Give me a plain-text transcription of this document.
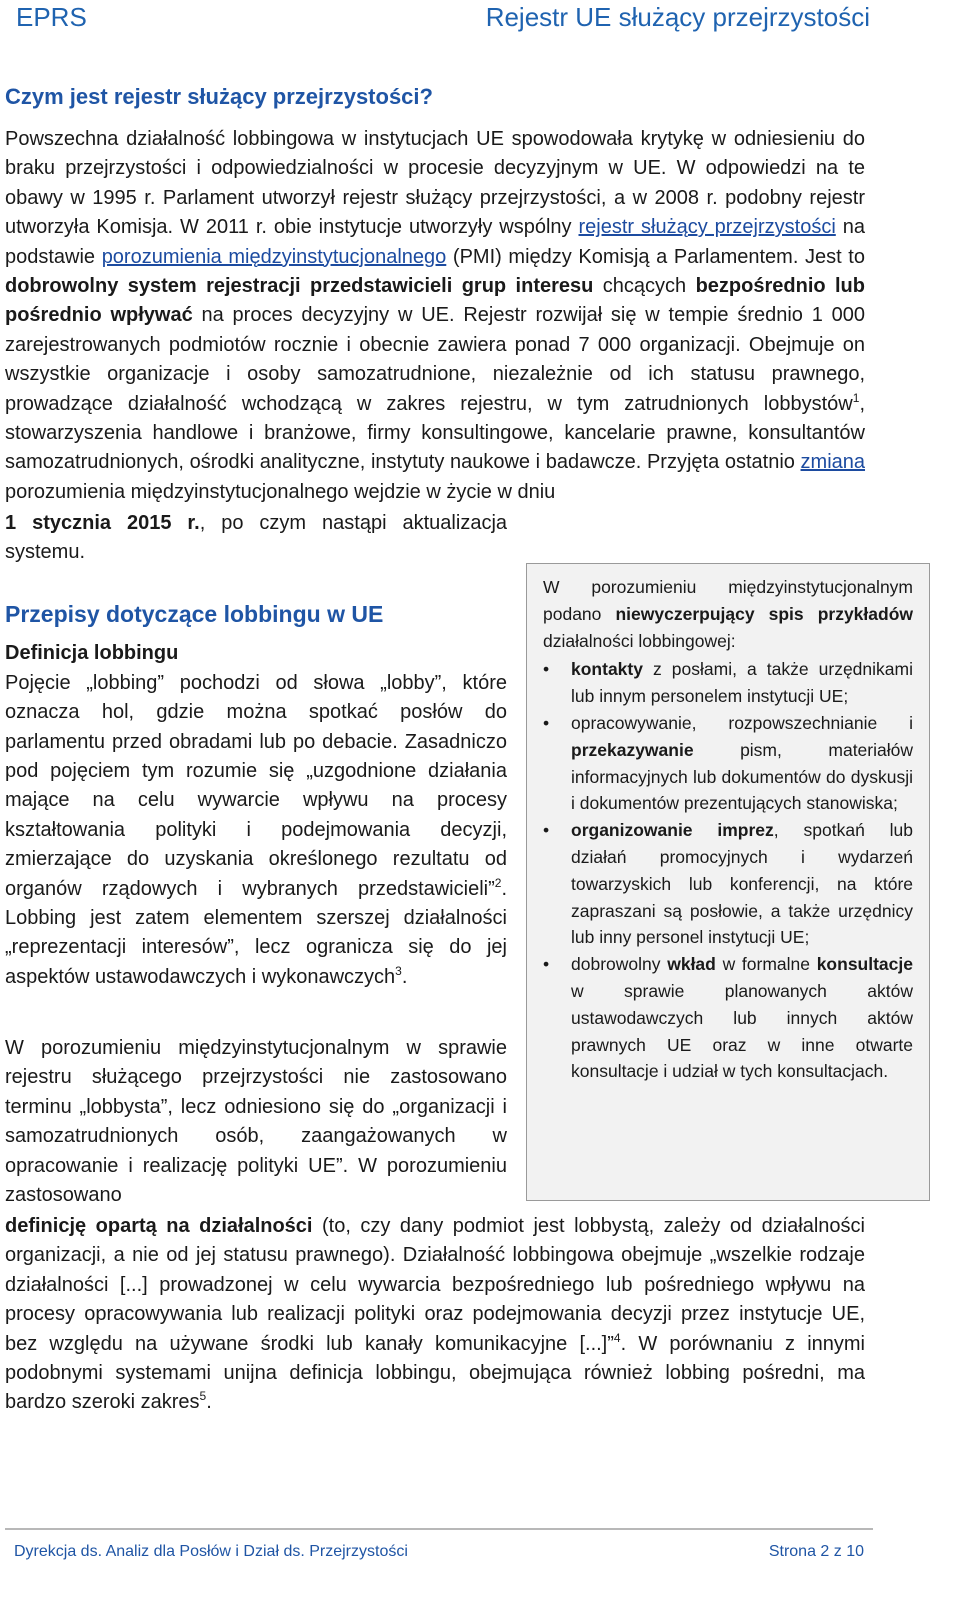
EPRS	Rejestr UE służący przejrzystości
Czym jest rejestr służący przejrzystości?
Powszechna działalność lobbingowa w instytucjach UE spowodowała krytykę w odniesieniu do braku przejrzystości i odpowiedzialności w procesie decyzyjnym w UE. W odpowiedzi na te obawy w 1995 r. Parlament utworzył rejestr służący przejrzystości, a w 2008 r. podobny rejestr utworzyła Komisja. W 2011 r. obie instytucje utworzyły wspólny rejestr służący przejrzystości na podstawie porozumienia międzyinstytucjonalnego (PMI) między Komisją a Parlamentem. Jest to dobrowolny system rejestracji przedstawicieli grup interesu chcących bezpośrednio lub pośrednio wpływać na proces decyzyjny w UE. Rejestr rozwijał się w tempie średnio 1 000 zarejestrowanych podmiotów rocznie i obecnie zawiera ponad 7 000 organizacji. Obejmuje on wszystkie organizacje i osoby samozatrudnione, niezależnie od ich statusu prawnego, prowadzące działalność wchodzącą w zakres rejestru, w tym zatrudnionych lobbystów$^1$, stowarzyszenia handlowe i branżowe, firmy konsultingowe, kancelarie prawne, konsultantów samozatrudnionych, ośrodki analityczne, instytuty naukowe i badawcze. Przyjęta ostatnio zmiana porozumienia międzyinstytucjonalnego wejdzie w życie w dniu
1 stycznia 2015 r., po czym nastąpi aktualizacja systemu.
Przepisy dotyczące lobbingu w UE
Definicja lobbingu
Pojęcie „lobbing” pochodzi od słowa „lobby”, które oznacza hol, gdzie można spotkać posłów do parlamentu przed obradami lub po debacie. Zasadniczo pod pojęciem tym rozumie się „uzgodnione działania mające na celu wywarcie wpływu na procesy kształtowania polityki i podejmowania decyzji, zmierzające do uzyskania określonego rezultatu od organów rządowych i wybranych przedstawicieli”$^2$. Lobbing jest zatem elementem szerszej działalności „reprezentacji interesów”, lecz ogranicza się do jej aspektów ustawodawczych i wykonawczych$^3$.
W porozumieniu międzyinstytucjonalnym w sprawie rejestru służącego przejrzystości nie zastosowano terminu „lobbysta”, lecz odniesiono się do „organizacji i samozatrudnionych osób, zaangażowanych w opracowanie i realizację polityki UE”. W porozumieniu zastosowano
definicję opartą na działalności (to, czy dany podmiot jest lobbystą, zależy od działalności organizacji, a nie od jej statusu prawnego). Działalność lobbingowa obejmuje „wszelkie rodzaje działalności [...] prowadzonej w celu wywarcia bezpośredniego lub pośredniego wpływu na procesy opracowywania lub realizacji polityki oraz podejmowania decyzji przez instytucje UE, bez względu na używane środki lub kanały komunikacyjne [...]”$^4$. W porównaniu z innymi podobnymi systemami unijna definicja lobbingu, obejmująca również lobbing pośredni, ma bardzo szeroki zakres$^5$.
W porozumieniu międzyinstytucjonalnym podano niewyczerpujący spis przykładów działalności lobbingowej:
• kontakty z posłami, a także urzędnikami lub innym personelem instytucji UE;
• opracowywanie, rozpowszechnianie i przekazywanie pism, materiałów informacyjnych lub dokumentów do dyskusji i dokumentów prezentujących stanowiska;
• organizowanie imprez, spotkań lub działań promocyjnych i wydarzeń towarzyskich lub konferencji, na które zapraszani są posłowie, a także urzędnicy lub inny personel instytucji UE;
• dobrowolny wkład w formalne konsultacje w sprawie planowanych aktów ustawodawczych lub innych aktów prawnych UE oraz w inne otwarte konsultacje i udział w tych konsultacjach.
Dyrekcja ds. Analiz dla Posłów i Dział ds. Przejrzystości	Strona 2 z 10
